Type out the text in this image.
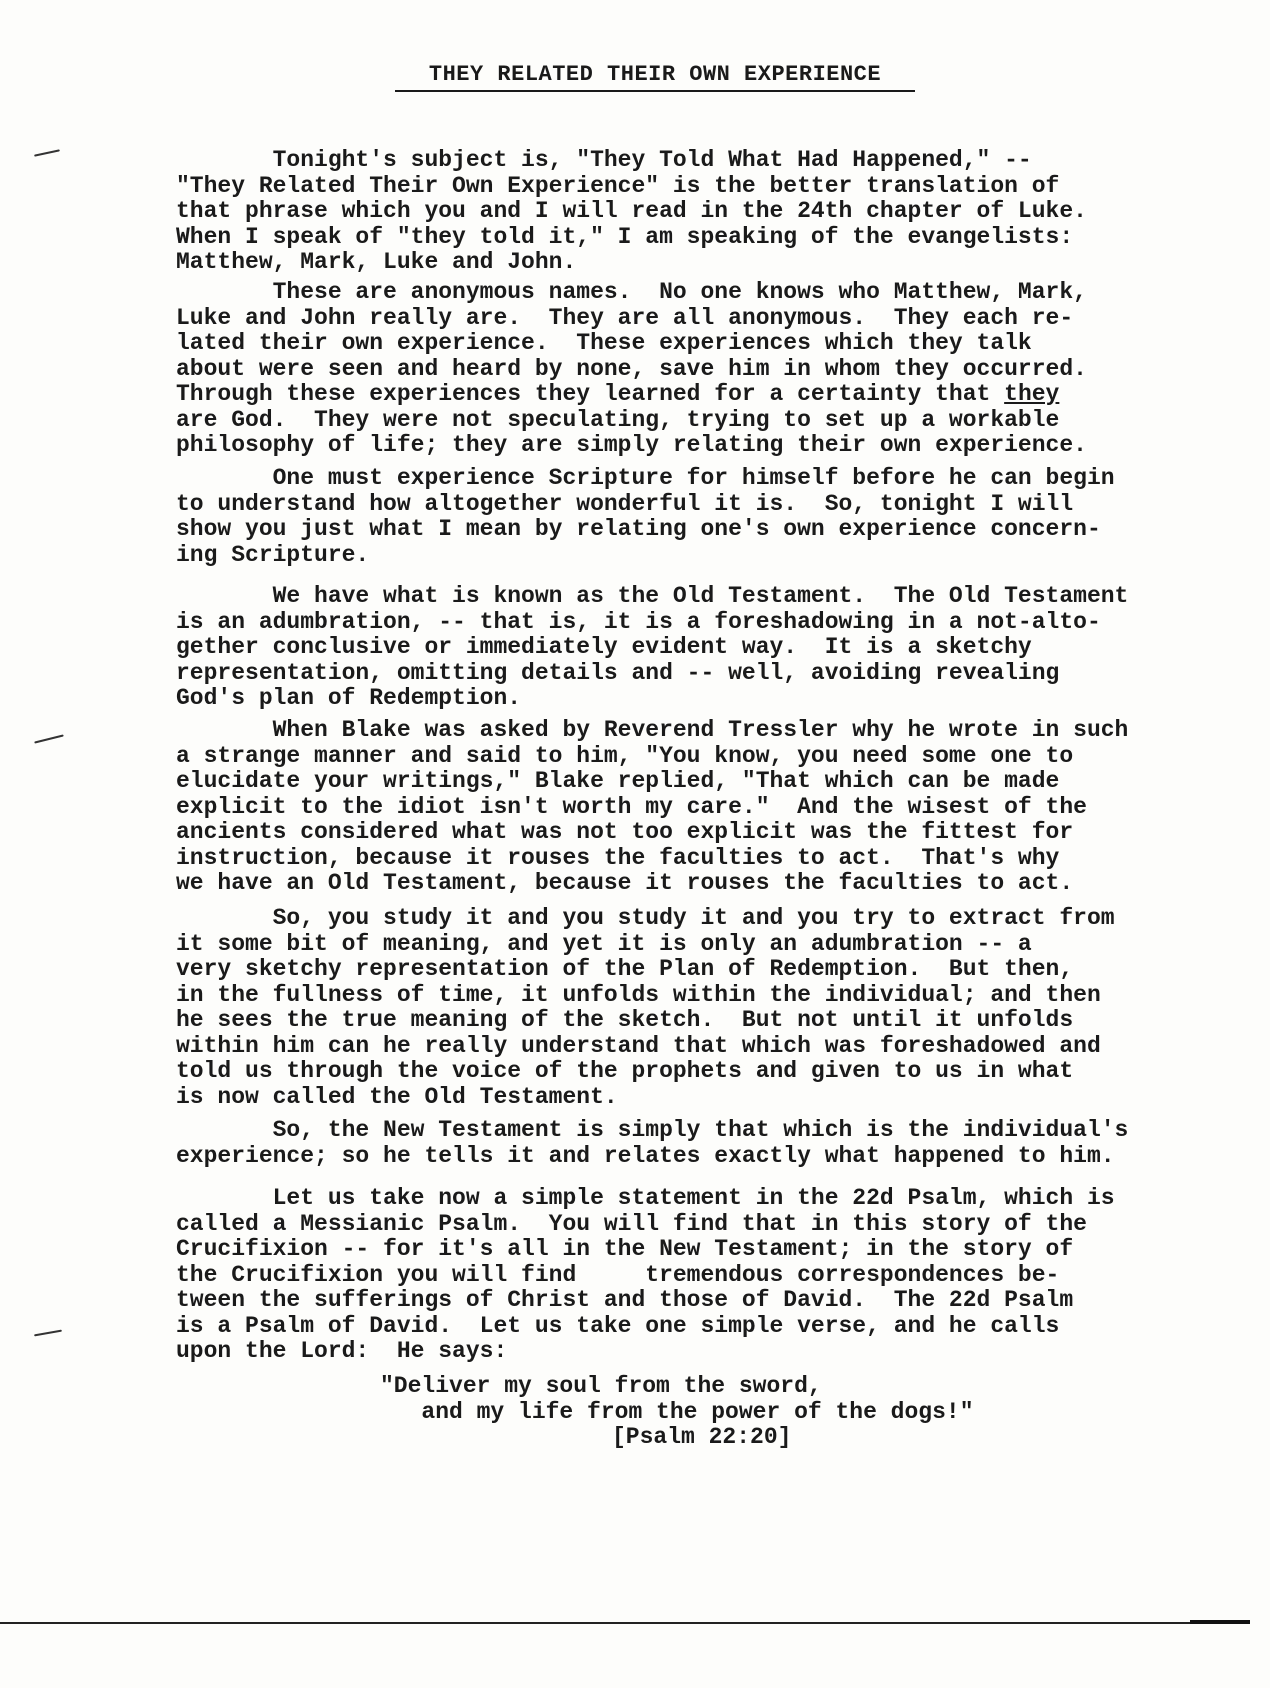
THEY RELATED THEIR OWN EXPERIENCE
Tonight's subject is, "They Told What Had Happened," --
"They Related Their Own Experience" is the better translation of
that phrase which you and I will read in the 24th chapter of Luke.
When I speak of "they told it," I am speaking of the evangelists:
Matthew, Mark, Luke and John.
These are anonymous names.  No one knows who Matthew, Mark,
Luke and John really are.  They are all anonymous.  They each re-
lated their own experience.  These experiences which they talk
about were seen and heard by none, save him in whom they occurred.
Through these experiences they learned for a certainty that they
are God.  They were not speculating, trying to set up a workable
philosophy of life; they are simply relating their own experience.
One must experience Scripture for himself before he can begin
to understand how altogether wonderful it is.  So, tonight I will
show you just what I mean by relating one's own experience concern-
ing Scripture.
We have what is known as the Old Testament.  The Old Testament
is an adumbration, -- that is, it is a foreshadowing in a not-alto-
gether conclusive or immediately evident way.  It is a sketchy
representation, omitting details and -- well, avoiding revealing
God's plan of Redemption.
When Blake was asked by Reverend Tressler why he wrote in such
a strange manner and said to him, "You know, you need some one to
elucidate your writings," Blake replied, "That which can be made
explicit to the idiot isn't worth my care."  And the wisest of the
ancients considered what was not too explicit was the fittest for
instruction, because it rouses the faculties to act.  That's why
we have an Old Testament, because it rouses the faculties to act.
So, you study it and you study it and you try to extract from
it some bit of meaning, and yet it is only an adumbration -- a
very sketchy representation of the Plan of Redemption.  But then,
in the fullness of time, it unfolds within the individual; and then
he sees the true meaning of the sketch.  But not until it unfolds
within him can he really understand that which was foreshadowed and
told us through the voice of the prophets and given to us in what
is now called the Old Testament.
So, the New Testament is simply that which is the individual's
experience; so he tells it and relates exactly what happened to him.
Let us take now a simple statement in the 22d Psalm, which is
called a Messianic Psalm.  You will find that in this story of the
Crucifixion -- for it's all in the New Testament; in the story of
the Crucifixion you will find     tremendous correspondences be-
tween the sufferings of Christ and those of David.  The 22d Psalm
is a Psalm of David.  Let us take one simple verse, and he calls
upon the Lord:  He says:
"Deliver my soul from the sword,
and my life from the power of the dogs!"
[Psalm 22:20]
